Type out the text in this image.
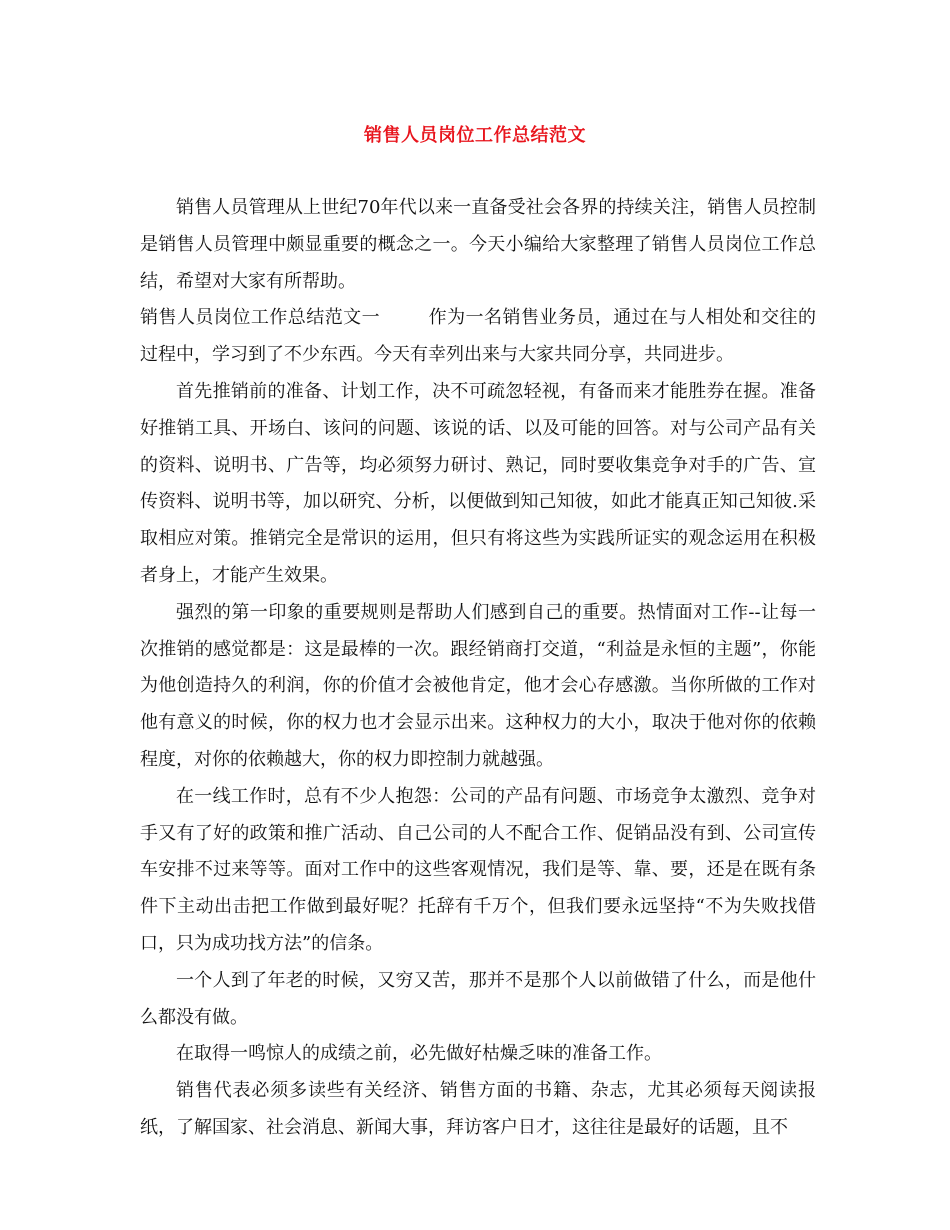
销售人员岗位工作总结范文

销售人员管理从上世纪70年代以来一直备受社会各界的持续关注，销售人员控制是销售人员管理中颇显重要的概念之一。今天小编给大家整理了销售人员岗位工作总结，希望对大家有所帮助。

销售人员岗位工作总结范文一	作为一名销售业务员，通过在与人相处和交往的过程中，学习到了不少东西。今天有幸列出来与大家共同分享，共同进步。

首先推销前的准备、计划工作，决不可疏忽轻视，有备而来才能胜券在握。准备好推销工具、开场白、该问的问题、该说的话、以及可能的回答。对与公司产品有关的资料、说明书、广告等，均必须努力研讨、熟记，同时要收集竞争对手的广告、宣传资料、说明书等，加以研究、分析，以便做到知己知彼，如此才能真正知己知彼.采取相应对策。推销完全是常识的运用，但只有将这些为实践所证实的观念运用在积极者身上，才能产生效果。

强烈的第一印象的重要规则是帮助人们感到自己的重要。热情面对工作--让每一次推销的感觉都是：这是最棒的一次。跟经销商打交道，“利益是永恒的主题”，你能为他创造持久的利润，你的价值才会被他肯定，他才会心存感激。当你所做的工作对他有意义的时候，你的权力也才会显示出来。这种权力的大小，取决于他对你的依赖程度，对你的依赖越大，你的权力即控制力就越强。

在一线工作时，总有不少人抱怨：公司的产品有问题、市场竞争太激烈、竞争对手又有了好的政策和推广活动、自己公司的人不配合工作、促销品没有到、公司宣传车安排不过来等等。面对工作中的这些客观情况，我们是等、靠、要，还是在既有条件下主动出击把工作做到最好呢？托辞有千万个，但我们要永远坚持“不为失败找借口，只为成功找方法”的信条。

一个人到了年老的时候，又穷又苦，那并不是那个人以前做错了什么，而是他什么都没有做。

在取得一鸣惊人的成绩之前，必先做好枯燥乏味的准备工作。

销售代表必须多读些有关经济、销售方面的书籍、杂志，尤其必须每天阅读报纸，了解国家、社会消息、新闻大事，拜访客户日才，这往往是最好的话题，且不
